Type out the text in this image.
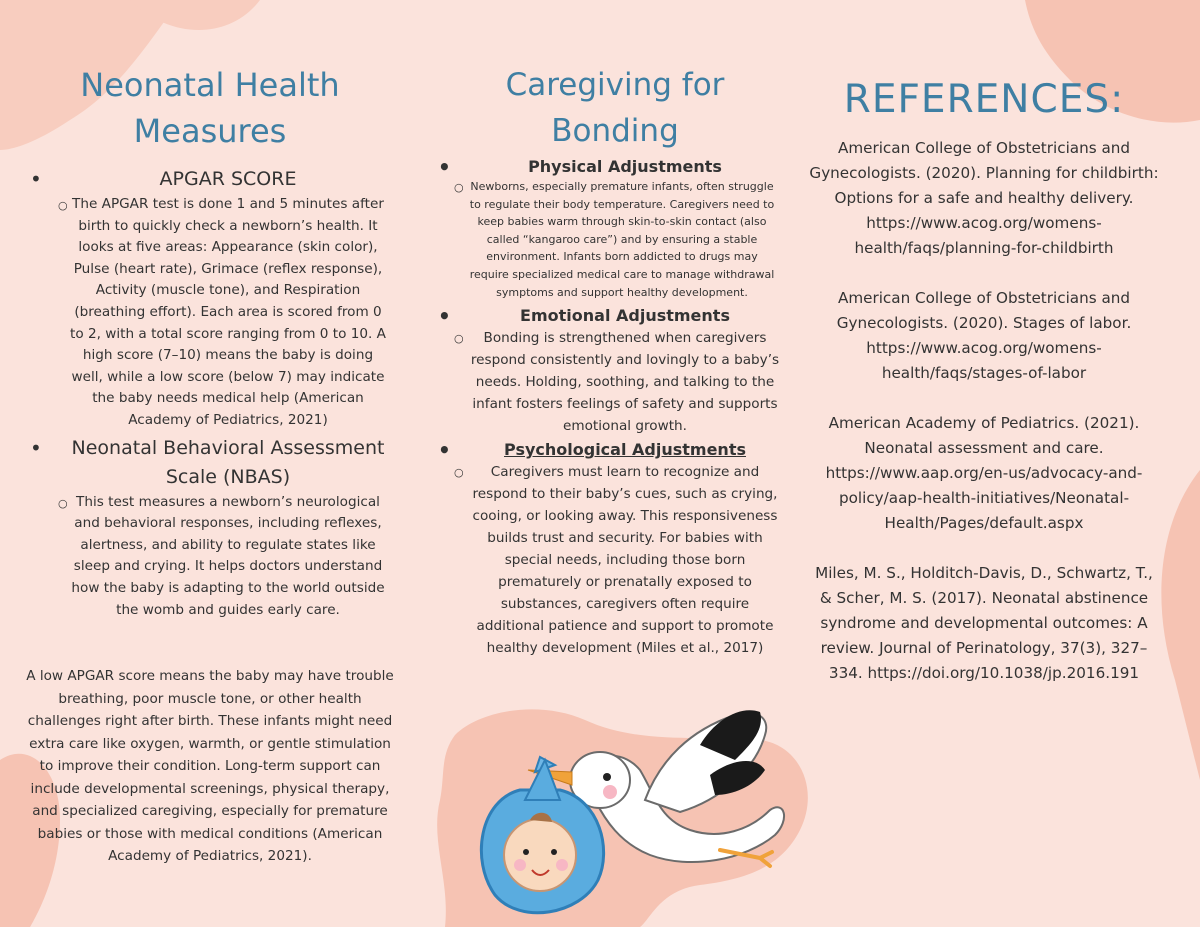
Neonatal Health
Measures
• APGAR SCORE
○ The APGAR test is done 1 and 5 minutes after birth to quickly check a newborn’s health. It looks at five areas: Appearance (skin color), Pulse (heart rate), Grimace (reflex response), Activity (muscle tone), and Respiration (breathing effort). Each area is scored from 0 to 2, with a total score ranging from 0 to 10. A high score (7–10) means the baby is doing well, while a low score (below 7) may indicate the baby needs medical help (American Academy of Pediatrics, 2021)
• Neonatal Behavioral Assessment Scale (NBAS)
○ This test measures a newborn’s neurological and behavioral responses, including reflexes, alertness, and ability to regulate states like sleep and crying. It helps doctors understand how the baby is adapting to the world outside the womb and guides early care.
A low APGAR score means the baby may have trouble breathing, poor muscle tone, or other health challenges right after birth. These infants might need extra care like oxygen, warmth, or gentle stimulation to improve their condition. Long-term support can include developmental screenings, physical therapy, and specialized caregiving, especially for premature babies or those with medical conditions (American Academy of Pediatrics, 2021).
Caregiving for
Bonding
• Physical Adjustments
○ Newborns, especially premature infants, often struggle to regulate their body temperature. Caregivers need to keep babies warm through skin-to-skin contact (also called “kangaroo care”) and by ensuring a stable environment. Infants born addicted to drugs may require specialized medical care to manage withdrawal symptoms and support healthy development.
• Emotional Adjustments
○ Bonding is strengthened when caregivers respond consistently and lovingly to a baby’s needs. Holding, soothing, and talking to the infant fosters feelings of safety and supports emotional growth.
• Psychological Adjustments
○ Caregivers must learn to recognize and respond to their baby’s cues, such as crying, cooing, or looking away. This responsiveness builds trust and security. For babies with special needs, including those born prematurely or prenatally exposed to substances, caregivers often require additional patience and support to promote healthy development (Miles et al., 2017)
REFERENCES:
American College of Obstetricians and Gynecologists. (2020). Planning for childbirth: Options for a safe and healthy delivery. https://www.acog.org/womens-health/faqs/planning-for-childbirth
American College of Obstetricians and Gynecologists. (2020). Stages of labor. https://www.acog.org/womens-health/faqs/stages-of-labor
American Academy of Pediatrics. (2021). Neonatal assessment and care. https://www.aap.org/en-us/advocacy-and-policy/aap-health-initiatives/Neonatal-Health/Pages/default.aspx
Miles, M. S., Holditch-Davis, D., Schwartz, T., & Scher, M. S. (2017). Neonatal abstinence syndrome and developmental outcomes: A review. Journal of Perinatology, 37(3), 327–334. https://doi.org/10.1038/jp.2016.191
